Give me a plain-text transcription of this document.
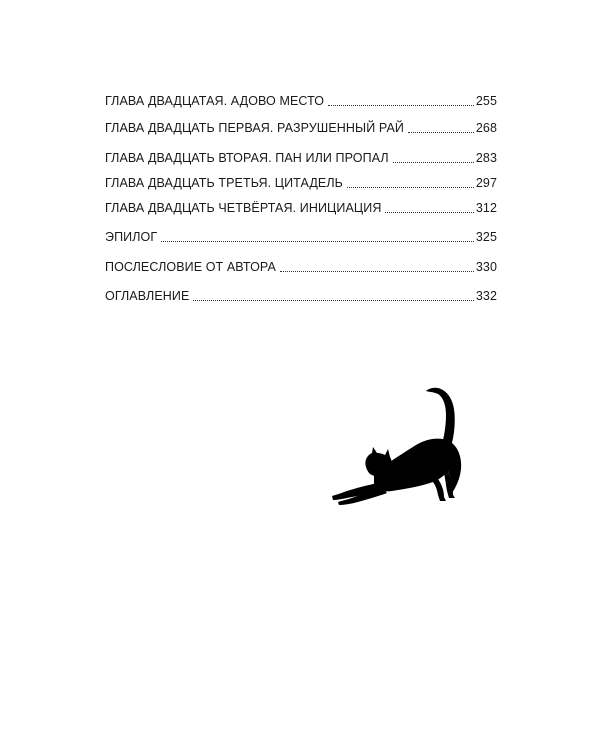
ГЛАВА ДВАДЦАТАЯ. АДОВО МЕСТО	255
ГЛАВА ДВАДЦАТЬ ПЕРВАЯ. РАЗРУШЕННЫЙ РАЙ	268
ГЛАВА ДВАДЦАТЬ ВТОРАЯ. ПАН ИЛИ ПРОПАЛ	283
ГЛАВА ДВАДЦАТЬ ТРЕТЬЯ. ЦИТАДЕЛЬ	297
ГЛАВА ДВАДЦАТЬ ЧЕТВЁРТАЯ. ИНИЦИАЦИЯ	312
ЭПИЛОГ	325
ПОСЛЕСЛОВИЕ ОТ АВТОРА	330
ОГЛАВЛЕНИЕ	332
